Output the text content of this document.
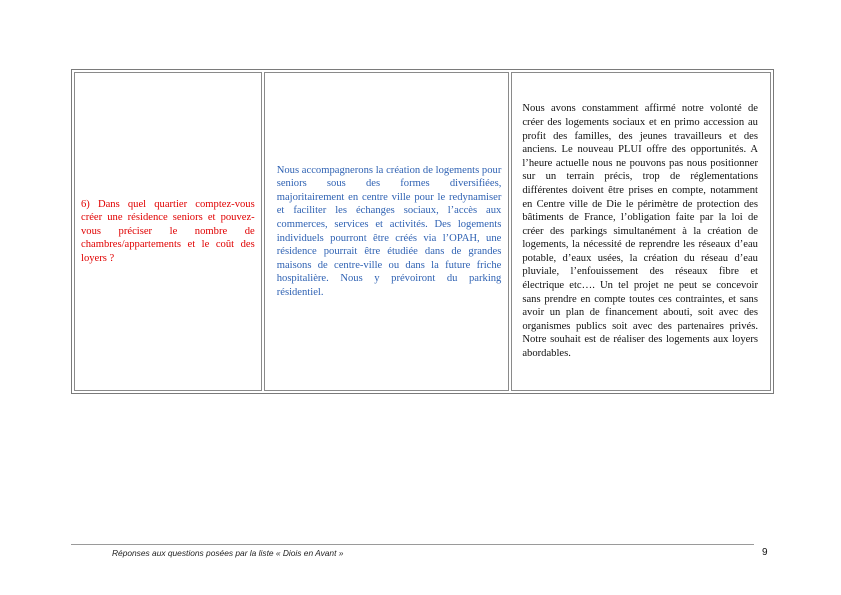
6) Dans quel quartier comptez-vous créer une résidence seniors et pouvez-vous préciser le nombre de chambres/appartements et le coût des loyers ?

Nous accompagnerons la création de logements pour seniors sous des formes diversifiées, majoritairement en centre ville pour le redynamiser et faciliter les échanges sociaux, l’accès aux commerces, services et activités. Des logements individuels pourront être créés via l’OPAH, une résidence pourrait être étudiée dans de grandes maisons de centre-ville ou dans la future friche hospitalière. Nous y prévoiront du parking résidentiel.

Nous avons constamment affirmé notre volonté de créer des logements sociaux et en primo accession au profit des familles, des jeunes travailleurs et des anciens. Le nouveau PLUI offre des opportunités. A l’heure actuelle nous ne pouvons pas nous positionner sur un terrain précis, trop de réglementations différentes doivent être prises en compte, notamment en Centre ville de Die le périmètre de protection des bâtiments de France, l’obligation faite par la loi de créer des parkings simultanément à la création de logements, la nécessité de reprendre les réseaux d’eau potable, d’eaux usées, la création du réseau d’eau pluviale, l’enfouissement des réseaux fibre et électrique etc…. Un tel projet ne peut se concevoir sans prendre en compte toutes ces contraintes, et sans avoir un plan de financement abouti, soit avec des organismes publics soit avec des partenaires privés. Notre souhait est de réaliser des logements aux loyers abordables.

Réponses aux questions posées par la liste « Diois en Avant »	9
